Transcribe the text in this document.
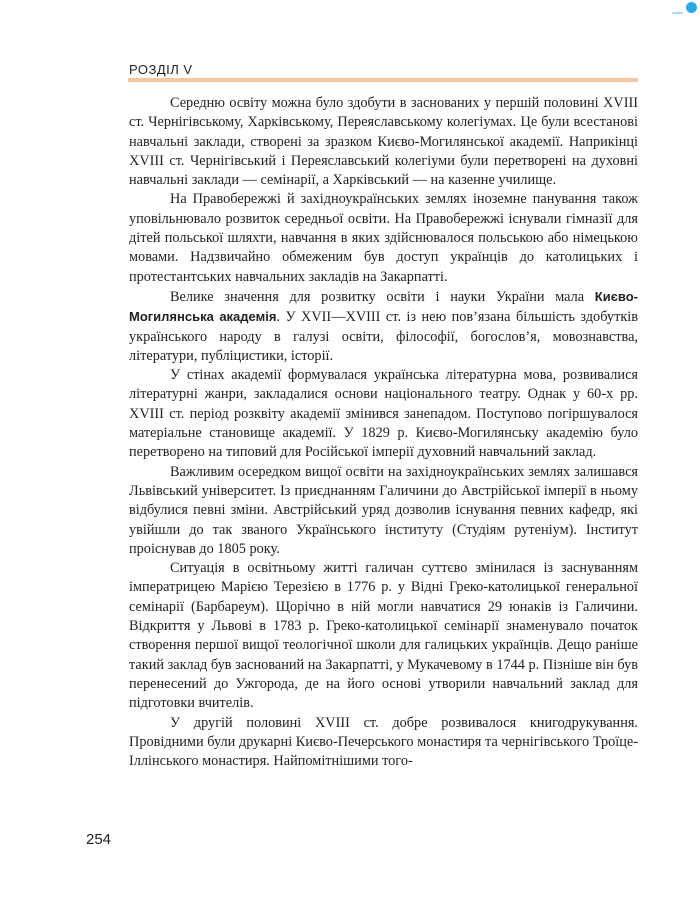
osvita
РОЗДІЛ V

Середню освіту можна було здобути в заснованих у першій половині XVIII ст. Чернігівському, Харківському, Переяславському колегіумах. Це були всестанові навчальні заклади, створені за зразком Києво-Могилянської академії. Наприкінці XVIII ст. Чернігівський і Переяславський колегіуми були перетворені на духовні навчальні заклади — семінарії, а Харківський — на казенне училище.

На Правобережжі й західноукраїнських землях іноземне панування також уповільнювало розвиток середньої освіти. На Правобережжі існували гімназії для дітей польської шляхти, навчання в яких здійснювалося польською або німецькою мовами. Надзвичайно обмеженим був доступ українців до католицьких і протестантських навчальних закладів на Закарпатті.

Велике значення для розвитку освіти і науки України мала Києво-Могилянська академія. У XVII—XVIII ст. із нею пов’язана більшість здобутків українського народу в галузі освіти, філософії, богослов’я, мовознавства, літератури, публіцистики, історії.

У стінах академії формувалася українська літературна мова, розвивалися літературні жанри, закладалися основи національного театру. Однак у 60-х рр. XVIII ст. період розквіту академії змінився занепадом. Поступово погіршувалося матеріальне становище академії. У 1829 р. Києво-Могилянську академію було перетворено на типовий для Російської імперії духовний навчальний заклад.

Важливим осередком вищої освіти на західноукраїнських землях залишався Львівський університет. Із приєднанням Галичини до Австрійської імперії в ньому відбулися певні зміни. Австрійський уряд дозволив існування певних кафедр, які увійшли до так званого Українського інституту (Студіям рутеніум). Інститут проіснував до 1805 року.

Ситуація в освітньому житті галичан суттєво змінилася із заснуванням імператрицею Марією Терезією в 1776 р. у Відні Греко-католицької генеральної семінарії (Барбареум). Щорічно в ній могли навчатися 29 юнаків із Галичини. Відкриття у Львові в 1783 р. Греко-католицької семінарії знаменувало початок створення першої вищої теологічної школи для галицьких українців. Дещо раніше такий заклад був заснований на Закарпатті, у Мукачевому в 1744 р. Пізніше він був перенесений до Ужгорода, де на його основі утворили навчальний заклад для підготовки вчителів.

У другій половині XVIII ст. добре розвивалося книгодрукування. Провідними були друкарні Києво-Печерського монастиря та чернігівського Троїце-Іллінського монастиря. Найпомітнішими того-

254
